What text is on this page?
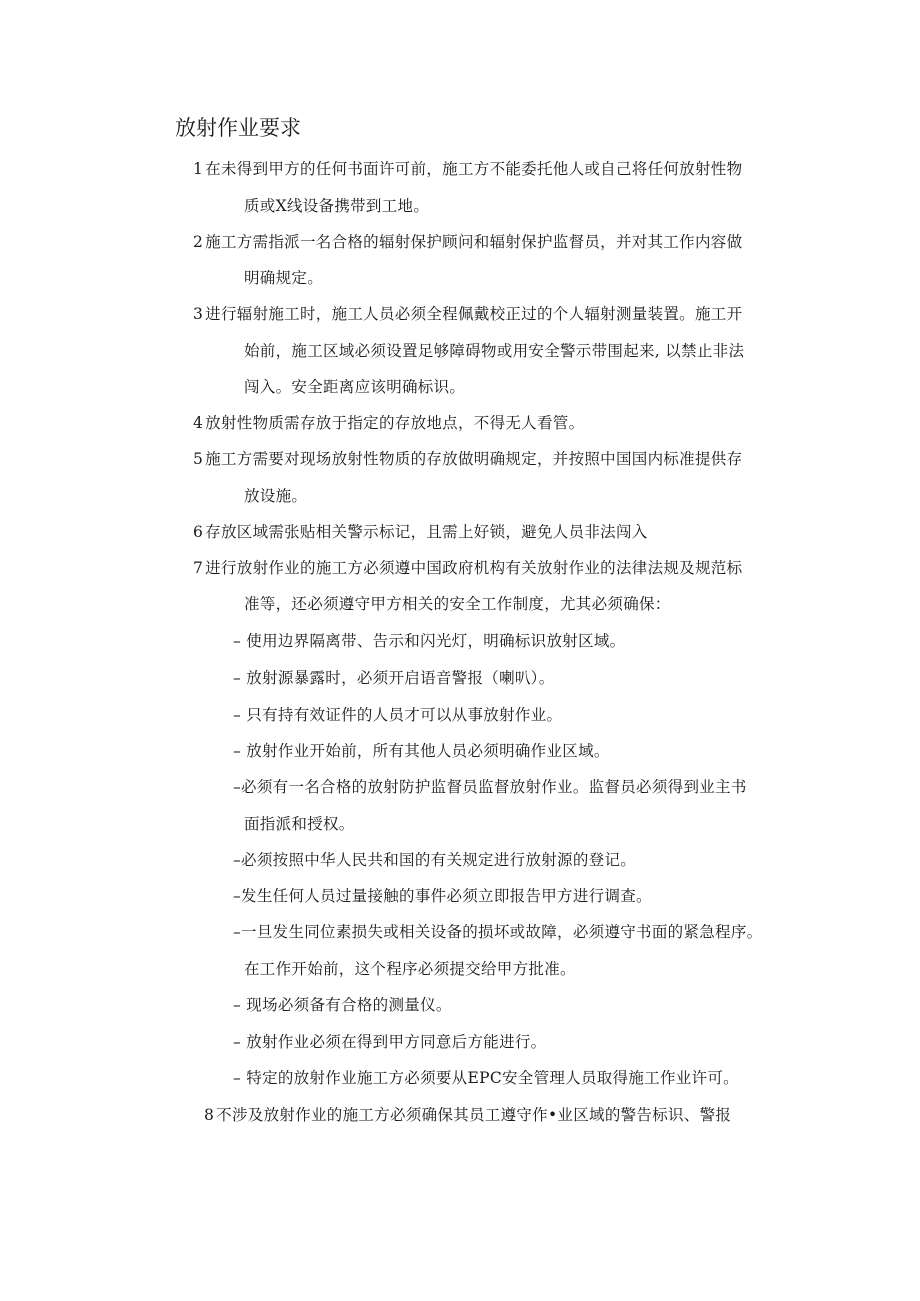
放射作业要求
1 在未得到甲方的任何书面许可前，施工方不能委托他人或自己将任何放射性物
质或X线设备携带到工地。
2 施工方需指派一名合格的辐射保护顾问和辐射保护监督员，并对其工作内容做
明确规定。
3 进行辐射施工时，施工人员必须全程佩戴校正过的个人辐射测量装置。施工开
始前，施工区域必须设置足够障碍物或用安全警示带围起来, 以禁止非法
闯入。安全距离应该明确标识。
4 放射性物质需存放于指定的存放地点，不得无人看管。
5 施工方需要对现场放射性物质的存放做明确规定，并按照中国国内标准提供存
放设施。
6 存放区域需张贴相关警示标记，且需上好锁，避免人员非法闯入
7 进行放射作业的施工方必须遵中国政府机构有关放射作业的法律法规及规范标
准等，还必须遵守甲方相关的安全工作制度，尤其必须确保：
– 使用边界隔离带、告示和闪光灯，明确标识放射区域。
– 放射源暴露时，必须开启语音警报（喇叭）。
– 只有持有效证件的人员才可以从事放射作业。
– 放射作业开始前，所有其他人员必须明确作业区域。
–必须有一名合格的放射防护监督员监督放射作业。监督员必须得到业主书
面指派和授权。
–必须按照中华人民共和国的有关规定进行放射源的登记。
–发生任何人员过量接触的事件必须立即报告甲方进行调查。
–一旦发生同位素损失或相关设备的损坏或故障，必须遵守书面的紧急程序。
在工作开始前，这个程序必须提交给甲方批准。
– 现场必须备有合格的测量仪。
– 放射作业必须在得到甲方同意后方能进行。
– 特定的放射作业施工方必须要从EPC安全管理人员取得施工作业许可。
8 不涉及放射作业的施工方必须确保其员工遵守作•业区域的警告标识、警报
